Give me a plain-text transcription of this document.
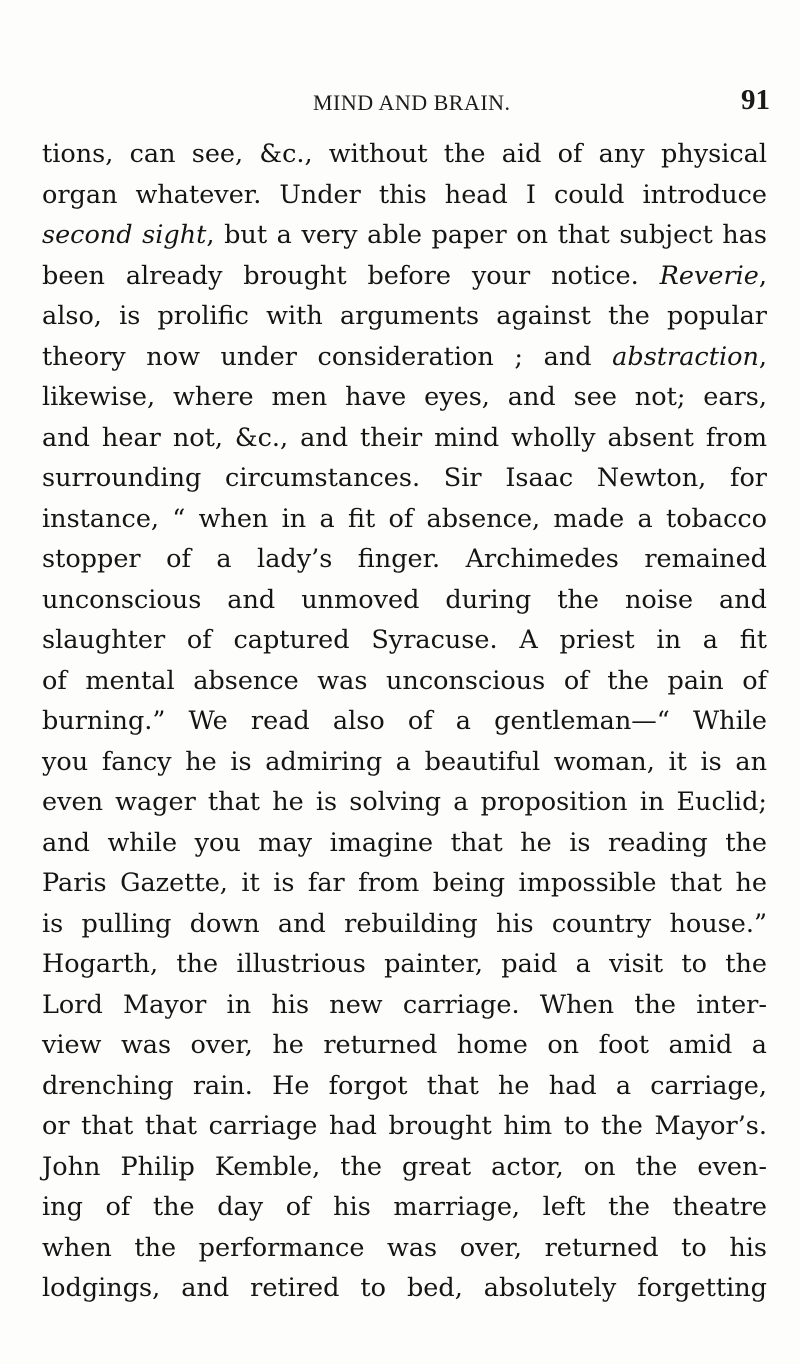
MIND AND BRAIN.	91
tions, can see, &c., without the aid of any physical
organ whatever. Under this head I could introduce
second sight, but a very able paper on that subject has
been already brought before your notice. Reverie,
also, is prolific with arguments against the popular
theory now under consideration ; and abstraction,
likewise, where men have eyes, and see not; ears,
and hear not, &c., and their mind wholly absent from
surrounding circumstances. Sir Isaac Newton, for
instance, “ when in a fit of absence, made a tobacco
stopper of a lady’s finger. Archimedes remained
unconscious and unmoved during the noise and
slaughter of captured Syracuse. A priest in a fit
of mental absence was unconscious of the pain of
burning.” We read also of a gentleman—“ While
you fancy he is admiring a beautiful woman, it is an
even wager that he is solving a proposition in Euclid;
and while you may imagine that he is reading the
Paris Gazette, it is far from being impossible that he
is pulling down and rebuilding his country house.”
Hogarth, the illustrious painter, paid a visit to the
Lord Mayor in his new carriage. When the inter-
view was over, he returned home on foot amid a
drenching rain. He forgot that he had a carriage,
or that that carriage had brought him to the Mayor’s.
John Philip Kemble, the great actor, on the even-
ing of the day of his marriage, left the theatre
when the performance was over, returned to his
lodgings, and retired to bed, absolutely forgetting
